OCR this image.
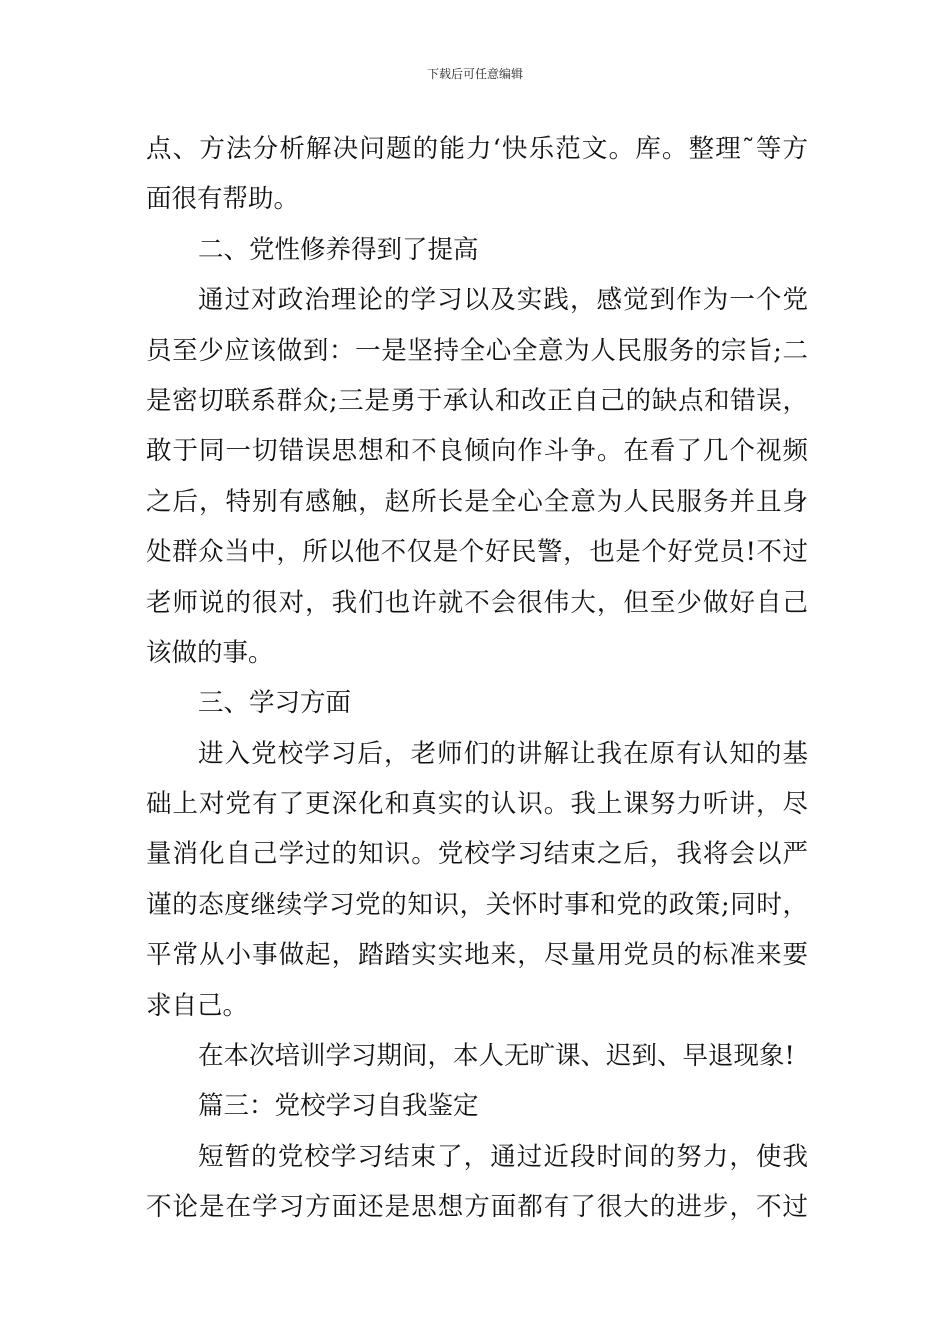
下载后可任意编辑
点、方法分析解决问题的能力‘快乐范文。库。整理˜等方
面很有帮助。
二、党性修养得到了提高
通过对政治理论的学习以及实践，感觉到作为一个党
员至少应该做到：一是坚持全心全意为人民服务的宗旨;二
是密切联系群众;三是勇于承认和改正自己的缺点和错误，
敢于同一切错误思想和不良倾向作斗争。在看了几个视频
之后，特别有感触，赵所长是全心全意为人民服务并且身
处群众当中，所以他不仅是个好民警，也是个好党员!不过
老师说的很对，我们也许就不会很伟大，但至少做好自己
该做的事。
三、学习方面
进入党校学习后，老师们的讲解让我在原有认知的基
础上对党有了更深化和真实的认识。我上课努力听讲，尽
量消化自己学过的知识。党校学习结束之后，我将会以严
谨的态度继续学习党的知识，关怀时事和党的政策;同时，
平常从小事做起，踏踏实实地来，尽量用党员的标准来要
求自己。
在本次培训学习期间，本人无旷课、迟到、早退现象!
篇三：党校学习自我鉴定
短暂的党校学习结束了，通过近段时间的努力，使我
不论是在学习方面还是思想方面都有了很大的进步，不过
